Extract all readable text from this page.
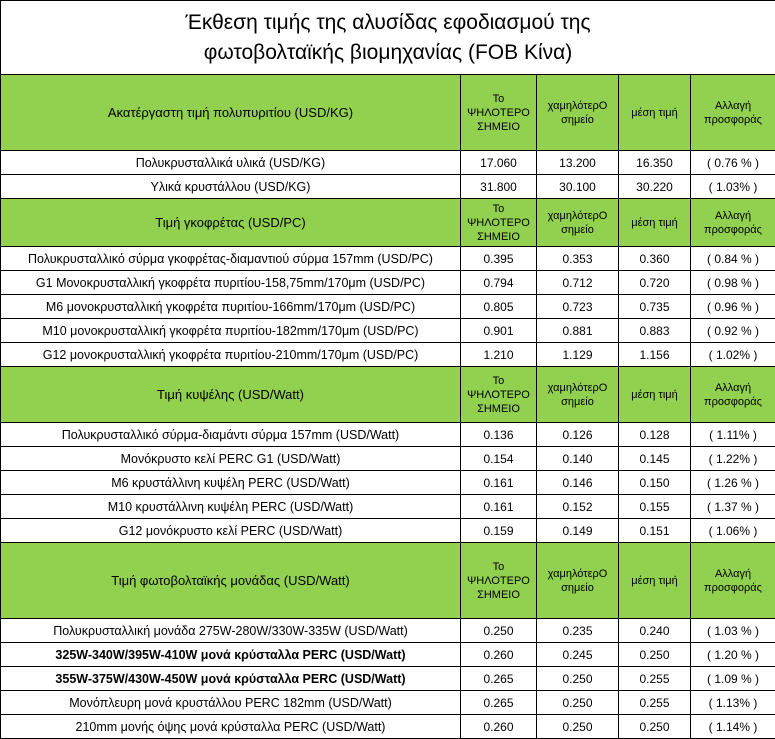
Έκθεση τιμής της αλυσίδας εφοδιασμού της
φωτοβολταϊκής βιομηχανίας (FOB Κίνα)				

Ακατέργαστη τιμή πολυπυριτίου (USD/KG)	Το ΨΗΛΟΤΕΡΟ ΣΗΜΕΙΟ	χαμηλότερΟ σημείο	μέση τιμή	Αλλαγή προσφοράς
Πολυκρυσταλλικά υλικά (USD/KG)	17.060	13.200	16.350	( 0.76 % )
Υλικά κρυστάλλου (USD/KG)	31.800	30.100	30.220	( 1.03% )
Τιμή γκοφρέτας (USD/PC)	Το ΨΗΛΟΤΕΡΟ ΣΗΜΕΙΟ	χαμηλότερΟ σημείο	μέση τιμή	Αλλαγή προσφοράς
Πολυκρυσταλλικό σύρμα γκοφρέτας-διαμαντιού σύρμα 157mm (USD/PC)	0.395	0.353	0.360	( 0.84 % )
G1 Μονοκρυσταλλική γκοφρέτα πυριτίου-158,75mm/170μm (USD/PC)	0.794	0.712	0.720	( 0.98 % )
M6 μονοκρυσταλλική γκοφρέτα πυριτίου-166mm/170μm (USD/PC)	0.805	0.723	0.735	( 0.96 % )
M10 μονοκρυσταλλική γκοφρέτα πυριτίου-182mm/170μm (USD/PC)	0.901	0.881	0.883	( 0.92 % )
G12 μονοκρυσταλλική γκοφρέτα πυριτίου-210mm/170μm (USD/PC)	1.210	1.129	1.156	( 1.02% )
Τιμή κυψέλης (USD/Watt)	Το ΨΗΛΟΤΕΡΟ ΣΗΜΕΙΟ	χαμηλότερΟ σημείο	μέση τιμή	Αλλαγή προσφοράς
Πολυκρυσταλλικό σύρμα-διαμάντι σύρμα 157mm (USD/Watt)	0.136	0.126	0.128	( 1.11% )
Μονόκρυστο κελί PERC G1 (USD/Watt)	0.154	0.140	0.145	( 1.22% )
M6 κρυστάλλινη κυψέλη PERC (USD/Watt)	0.161	0.146	0.150	( 1.26 % )
M10 κρυστάλλινη κυψέλη PERC (USD/Watt)	0.161	0.152	0.155	( 1.37 % )
G12 μονόκρυστο κελί PERC (USD/Watt)	0.159	0.149	0.151	( 1.06% )
Τιμή φωτοβολταϊκής μονάδας (USD/Watt)	Το ΨΗΛΟΤΕΡΟ ΣΗΜΕΙΟ	χαμηλότερΟ σημείο	μέση τιμή	Αλλαγή προσφοράς
Πολυκρυσταλλική μονάδα 275W-280W/330W-335W (USD/Watt)	0.250	0.235	0.240	( 1.03 % )
325W-340W/395W-410W μονά κρύσταλλα PERC (USD/Watt)	0.260	0.245	0.250	( 1.20 % )
355W-375W/430W-450W μονά κρύσταλλα PERC (USD/Watt)	0.265	0.250	0.255	( 1.09 % )
Μονόπλευρη μονά κρυστάλλου PERC 182mm (USD/Watt)	0.265	0.250	0.255	( 1.13% )
210mm μονής όψης μονά κρύσταλλα PERC (USD/Watt)	0.260	0.250	0.250	( 1.14% )
